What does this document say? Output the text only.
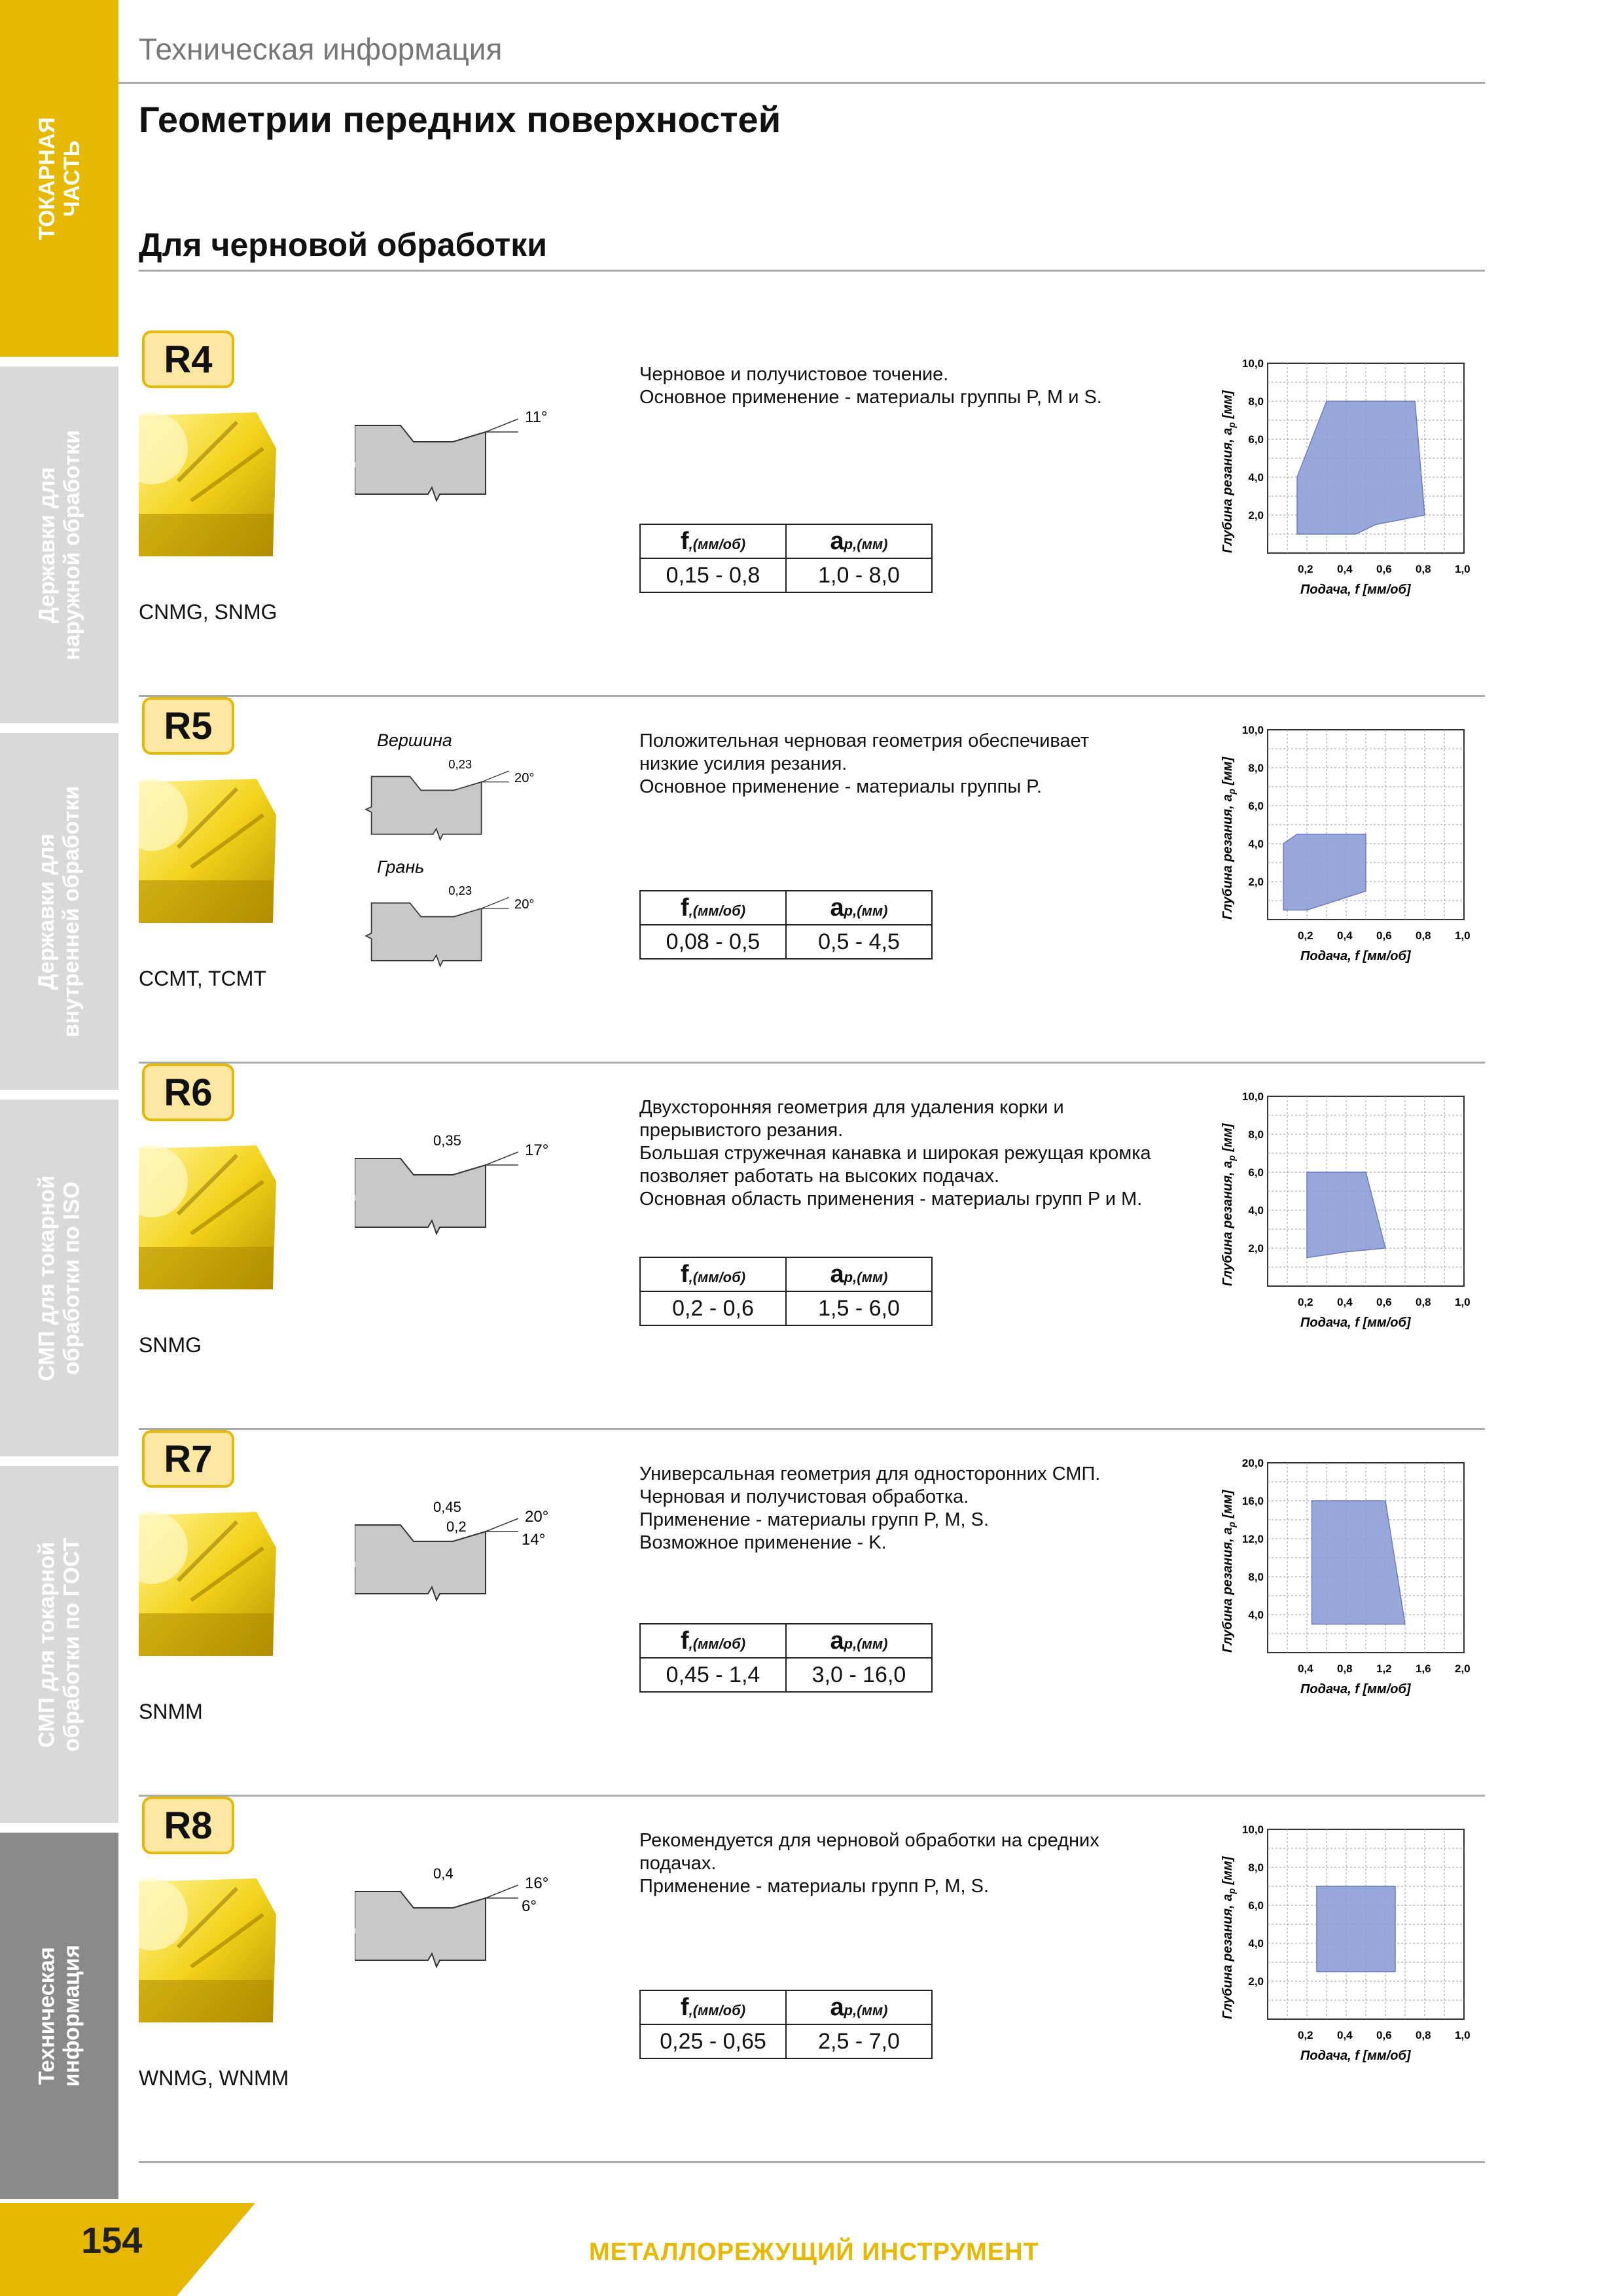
ТОКАРНАЯ ЧАСТЬ
Державки для наружной обработки
Державки для внутренней обработки
СМП для токарной обработки по ISO
СМП для токарной обработки по ГОСТ
Техническая информация
Техническая информация
Геометрии передних поверхностей
Для черновой обработки
R4
CNMG, SNMG
11°
Черновое и получистовое точение.
Основное применение - материалы группы P, M и S.
f,(мм/об)	ap,(мм)
0,15 - 0,8	1,0 - 8,0	0,2 0,4 0,6 0,8 1,0
2,0
4,0
6,0
8,0
10,0
Подача, f [мм/об]
Глубина резания, $a_p$ [мм]
R5
CCMT, TCMT
Вершина
0,23
20°
Грань
0,23
20°
Положительная черновая геометрия обеспечивает
низкие усилия резания.
Основное применение - материалы группы P.
f,(мм/об)	ap,(мм)
0,08 - 0,5	0,5 - 4,5	0,2 0,4 0,6 0,8 1,0
2,0
4,0
6,0
8,0
10,0
Подача, f [мм/об]
Глубина резания, $a_p$ [мм]
R6
SNMG
0,35
17°
Двухсторонняя геометрия для удаления корки и
прерывистого резания.
Большая стружечная канавка и широкая режущая кромка
позволяет работать на высоких подачах.
Основная область применения - материалы групп P и M.
f,(мм/об)	ap,(мм)
0,2 - 0,6	1,5 - 6,0	0,2 0,4 0,6 0,8 1,0
2,0
4,0
6,0
8,0
10,0
Подача, f [мм/об]
Глубина резания, $a_p$ [мм]
R7
SNMM
0,45
0,2
20°
14°
Универсальная геометрия для односторонних СМП.
Черновая и получистовая обработка.
Применение - материалы групп P, M, S.
Возможное применение - K.
f,(мм/об)	ap,(мм)
0,45 - 1,4	3,0 - 16,0	0,4 0,8 1,2 1,6 2,0
4,0
8,0
12,0
16,0
20,0
Подача, f [мм/об]
Глубина резания, $a_p$ [мм]
R8
WNMG, WNMM
0,4
16°
6°
Рекомендуется для черновой обработки на средних
подачах.
Применение - материалы групп P, M, S.
f,(мм/об)	ap,(мм)
0,25 - 0,65	2,5 - 7,0	0,2 0,4 0,6 0,8 1,0
2,0
4,0
6,0
8,0
10,0
Подача, f [мм/об]
Глубина резания, $a_p$ [мм]
154	МЕТАЛЛОРЕЖУЩИЙ ИНСТРУМЕНТ
